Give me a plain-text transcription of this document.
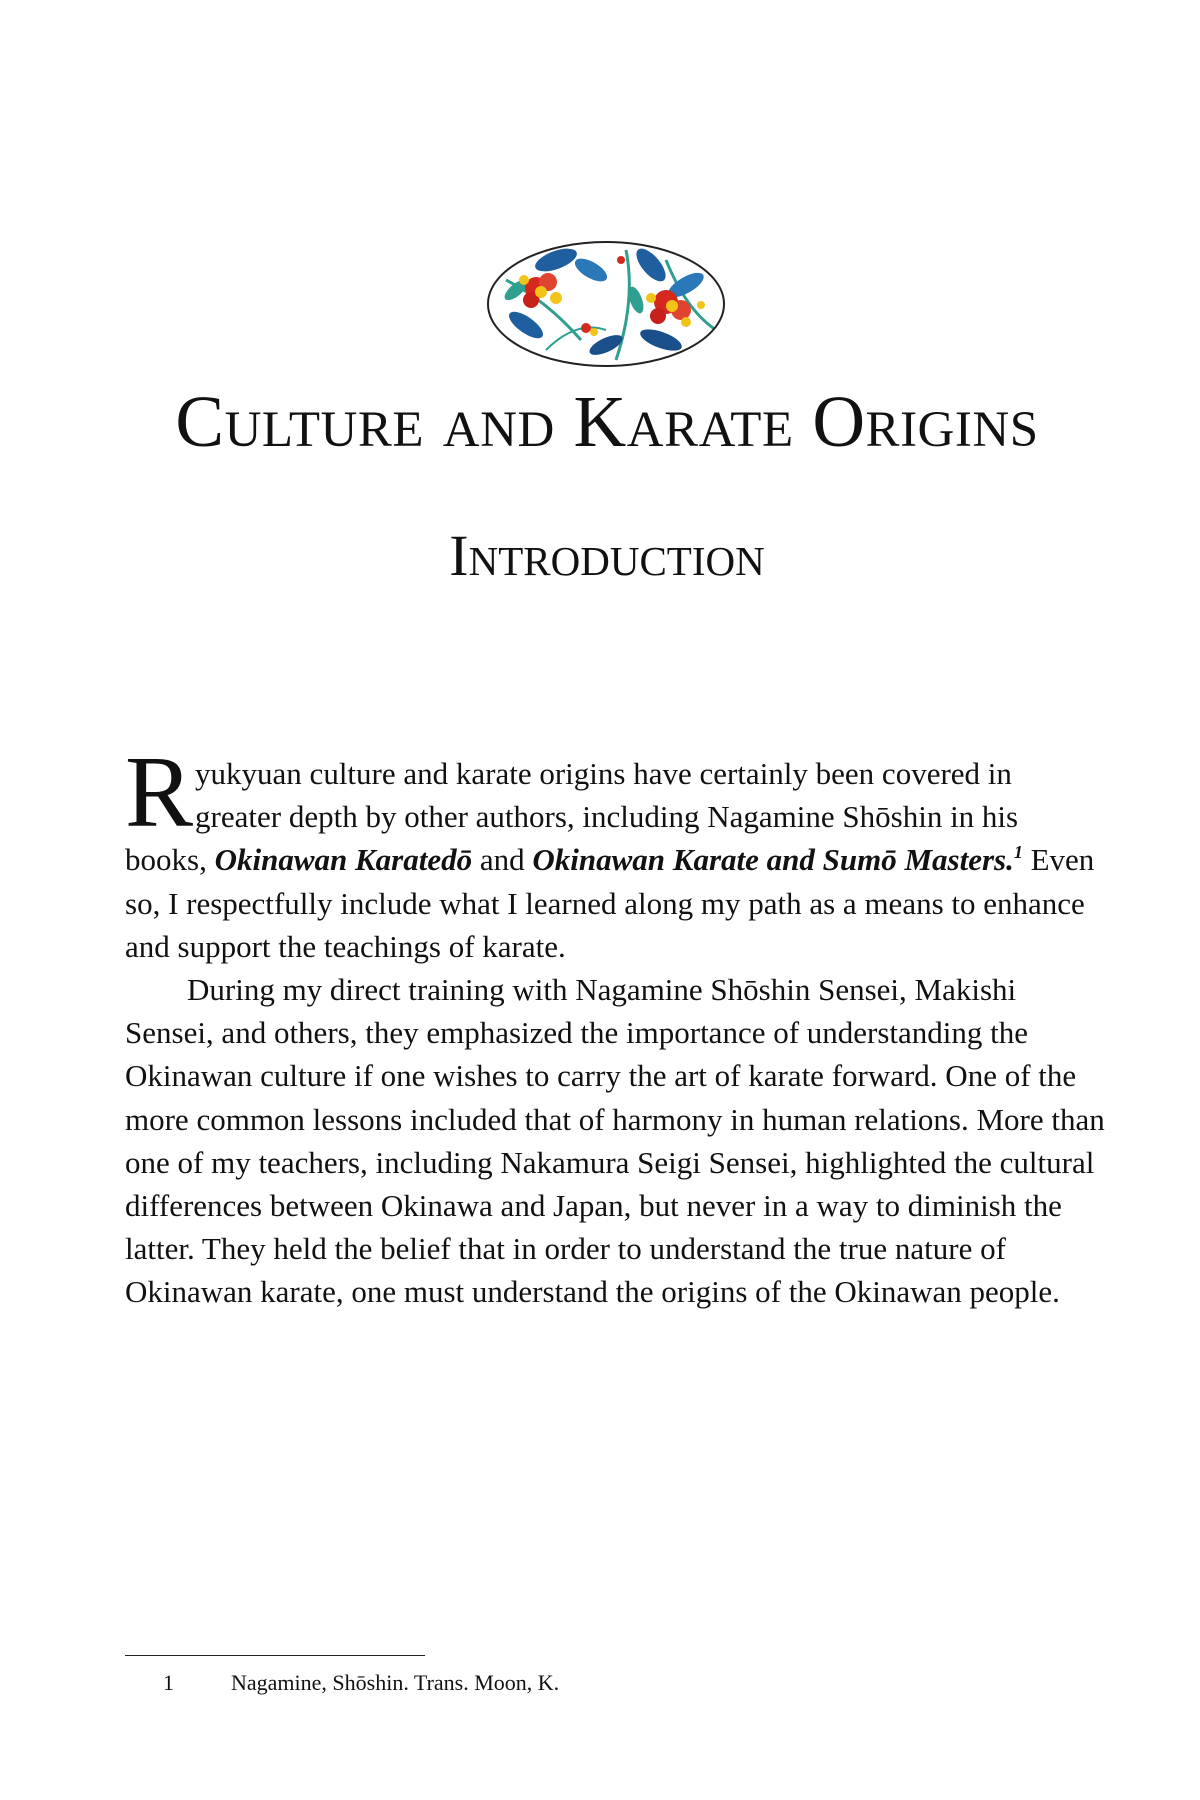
Culture and Karate Origins
Introduction

Ryukyuan culture and karate origins have certainly been covered in greater depth by other authors, including Nagamine Shōshin in his books, Okinawan Karatedō and Okinawan Karate and Sumō Masters.$^1$ Even so, I respectfully include what I learned along my path as a means to enhance and support the teachings of karate.

During my direct training with Nagamine Shōshin Sensei, Makishi Sensei, and others, they emphasized the importance of understanding the Okinawan culture if one wishes to carry the art of karate forward. One of the more common lessons included that of harmony in human relations. More than one of my teachers, including Nakamura Seigi Sensei, highlighted the cultural differences between Okinawa and Japan, but never in a way to diminish the latter. They held the belief that in order to understand the true nature of Okinawan karate, one must understand the origins of the Okinawan people.

1	Nagamine, Shōshin. Trans. Moon, K.
